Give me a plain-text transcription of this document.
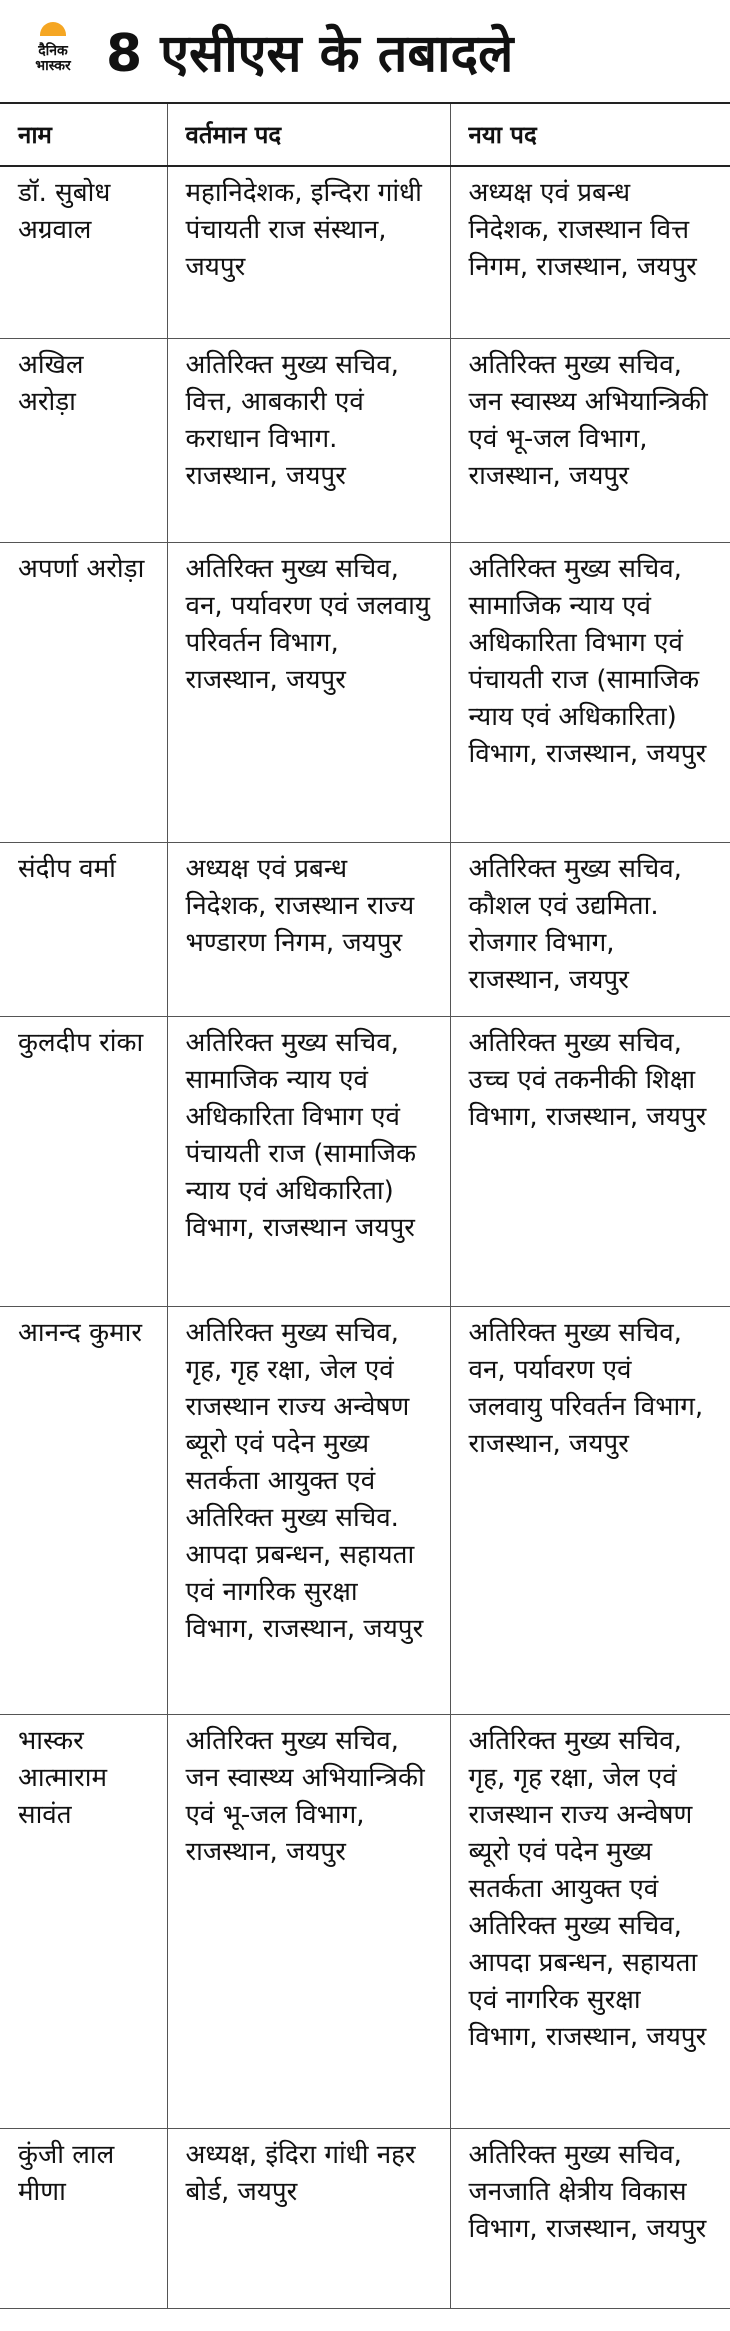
दैनिक
भास्कर 8 एसीएस के तबादले
नाम	वर्तमान पद	नया पद
डॉ. सुबोध अग्रवाल	महानिदेशक, इन्दिरा गांधी पंचायती राज संस्थान, जयपुर	अध्यक्ष एवं प्रबन्ध निदेशक, राजस्थान वित्त निगम, राजस्थान, जयपुर
अखिल अरोड़ा	अतिरिक्त मुख्य सचिव, वित्त, आबकारी एवं कराधान विभाग. राजस्थान, जयपुर	अतिरिक्त मुख्य सचिव, जन स्वास्थ्य अभियान्त्रिकी एवं भू-जल विभाग, राजस्थान, जयपुर
अपर्णा अरोड़ा	अतिरिक्त मुख्य सचिव, वन, पर्यावरण एवं जलवायु परिवर्तन विभाग, राजस्थान, जयपुर	अतिरिक्त मुख्य सचिव, सामाजिक न्याय एवं अधिकारिता विभाग एवं पंचायती राज (सामाजिक न्याय एवं अधिकारिता) विभाग, राजस्थान, जयपुर
संदीप वर्मा	अध्यक्ष एवं प्रबन्ध निदेशक, राजस्थान राज्य भण्डारण निगम, जयपुर	अतिरिक्त मुख्य सचिव, कौशल एवं उद्यमिता. रोजगार विभाग, राजस्थान, जयपुर
कुलदीप रांका	अतिरिक्त मुख्य सचिव, सामाजिक न्याय एवं अधिकारिता विभाग एवं पंचायती राज (सामाजिक न्याय एवं अधिकारिता) विभाग, राजस्थान जयपुर	अतिरिक्त मुख्य सचिव, उच्च एवं तकनीकी शिक्षा विभाग, राजस्थान, जयपुर
आनन्द कुमार	अतिरिक्त मुख्य सचिव, गृह, गृह रक्षा, जेल एवं राजस्थान राज्य अन्वेषण ब्यूरो एवं पदेन मुख्य सतर्कता आयुक्त एवं अतिरिक्त मुख्य सचिव. आपदा प्रबन्धन, सहायता एवं नागरिक सुरक्षा विभाग, राजस्थान, जयपुर	अतिरिक्त मुख्य सचिव, वन, पर्यावरण एवं जलवायु परिवर्तन विभाग, राजस्थान, जयपुर
भास्कर आत्माराम सावंत	अतिरिक्त मुख्य सचिव, जन स्वास्थ्य अभियान्त्रिकी एवं भू-जल विभाग, राजस्थान, जयपुर	अतिरिक्त मुख्य सचिव, गृह, गृह रक्षा, जेल एवं राजस्थान राज्य अन्वेषण ब्यूरो एवं पदेन मुख्य सतर्कता आयुक्त एवं अतिरिक्त मुख्य सचिव, आपदा प्रबन्धन, सहायता एवं नागरिक सुरक्षा विभाग, राजस्थान, जयपुर
कुंजी लाल मीणा	अध्यक्ष, इंदिरा गांधी नहर बोर्ड, जयपुर	अतिरिक्त मुख्य सचिव, जनजाति क्षेत्रीय विकास विभाग, राजस्थान, जयपुर
